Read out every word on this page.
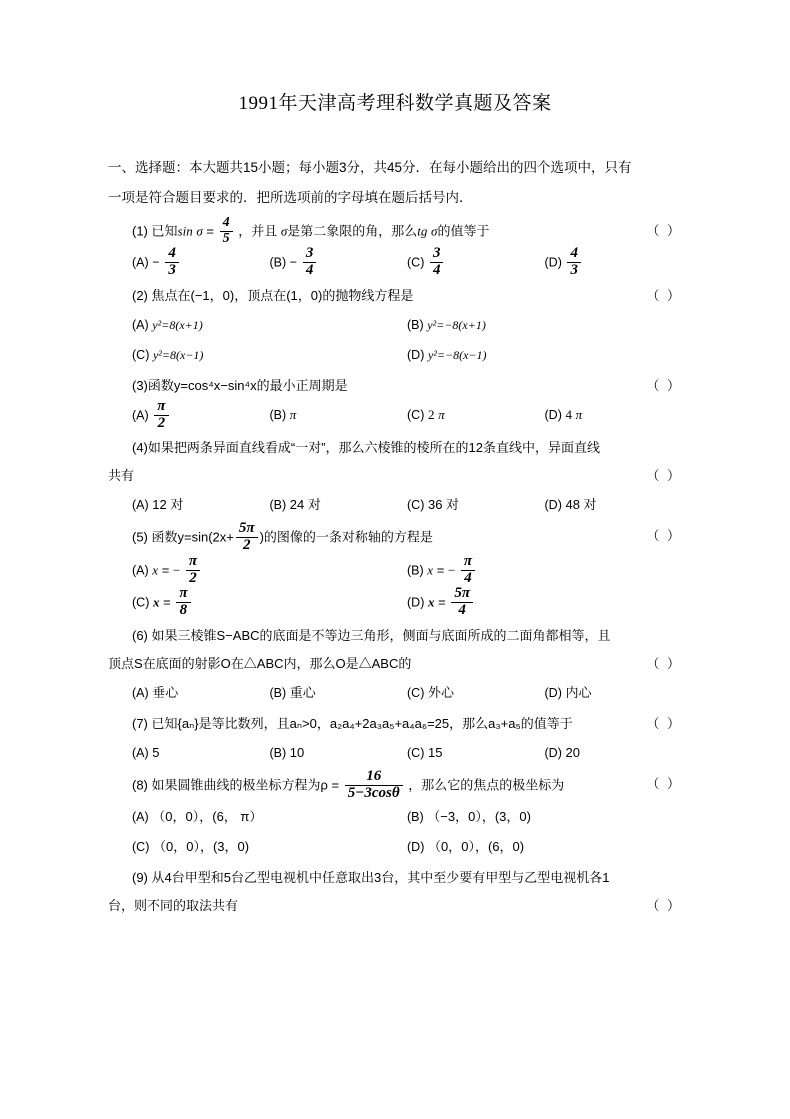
1991年天津高考理科数学真题及答案
一、选择题：本大题共15小题；每小题3分，共45分．在每小题给出的四个选项中，只有
一项是符合题目要求的．把所选项前的字母填在题后括号内．
（ ）
(1) 已知$\sin \sigma = \frac{4}{5}$ ，并且 σ是第二象限的角，那么tg σ的值等于
$(A) - \frac{4}{3}$	$(B) - \frac{3}{4}$	$(C) \frac{3}{4}$	$(D) \frac{4}{3}$
（ ）
(2) 焦点在(−1，0)，顶点在(1，0)的抛物线方程是
(A) y²=8(x+1)	(B) y²=−8(x+1)
(C) y²=8(x−1)	(D) y²=−8(x−1)
（ ）
(3)函数y=cos⁴x−sin⁴x的最小正周期是
$(A) \frac{\pi}{2}$	(B) π	(C) 2 π	(D) 4 π
(4)如果把两条异面直线看成“一对”，那么六棱锥的棱所在的12条直线中，异面直线
（ ）
共有
(A) 12 对	(B) 24 对	(C) 36 对	(D) 48 对
（ ）
(5) 函数$y=\sin(2x+ \frac{5\pi}{2}$ )的图像的一条对称轴的方程是
(A) x = − $\frac{\pi}{2}$	(B) x = − $\frac{\pi}{4}$
(C) $x = \frac{\pi}{8}$	(D) $x = \frac{5\pi}{4}$
(6) 如果三棱锥S−ABC的底面是不等边三角形，侧面与底面所成的二面角都相等，且
（ ）
顶点S在底面的射影O在△ABC内，那么O是△ABC的
(A) 垂心	(B) 重心	(C) 外心	(D) 内心
（ ）
(7) 已知{aₙ}是等比数列，且aₙ>0，a₂a₄+2a₃a₅+a₄a₆=25，那么a₃+a₅的值等于
(A) 5	(B) 10	(C) 15	(D) 20
（ ）
(8) 如果圆锥曲线的极坐标方程为$\rho = \frac{16}{5-3\cos\theta}$ ，那么它的焦点的极坐标为
(A) （0，0），(6， π）	(B) （−3，0），(3，0)
(C) （0，0），(3，0)	(D) （0，0），(6，0)
(9) 从4台甲型和5台乙型电视机中任意取出3台，其中至少要有甲型与乙型电视机各1
（ ）
台，则不同的取法共有
